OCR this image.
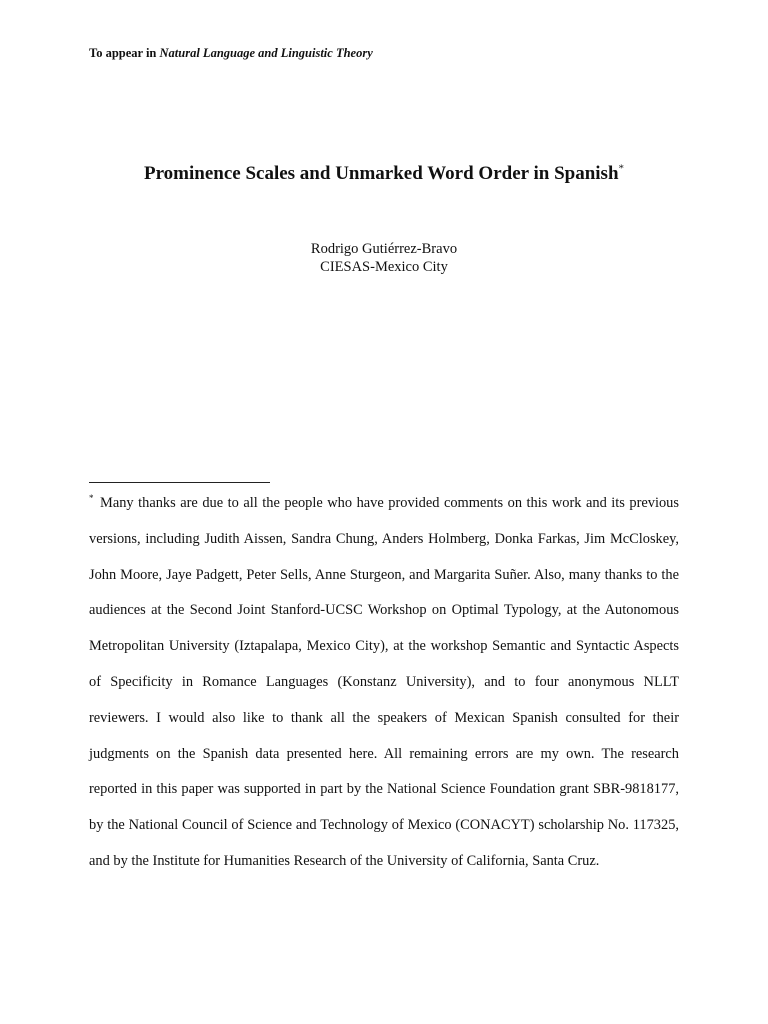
To appear in Natural Language and Linguistic Theory
Prominence Scales and Unmarked Word Order in Spanish*
Rodrigo Gutiérrez-Bravo
CIESAS-Mexico City
* Many thanks are due to all the people who have provided comments on this work and its previous versions, including Judith Aissen, Sandra Chung, Anders Holmberg, Donka Farkas, Jim McCloskey, John Moore, Jaye Padgett, Peter Sells, Anne Sturgeon, and Margarita Suñer. Also, many thanks to the audiences at the Second Joint Stanford-UCSC Workshop on Optimal Typology, at the Autonomous Metropolitan University (Iztapalapa, Mexico City), at the workshop Semantic and Syntactic Aspects of Specificity in Romance Languages (Konstanz University), and to four anonymous NLLT reviewers. I would also like to thank all the speakers of Mexican Spanish consulted for their judgments on the Spanish data presented here. All remaining errors are my own. The research reported in this paper was supported in part by the National Science Foundation grant SBR-9818177, by the National Council of Science and Technology of Mexico (CONACYT) scholarship No. 117325, and by the Institute for Humanities Research of the University of California, Santa Cruz.
